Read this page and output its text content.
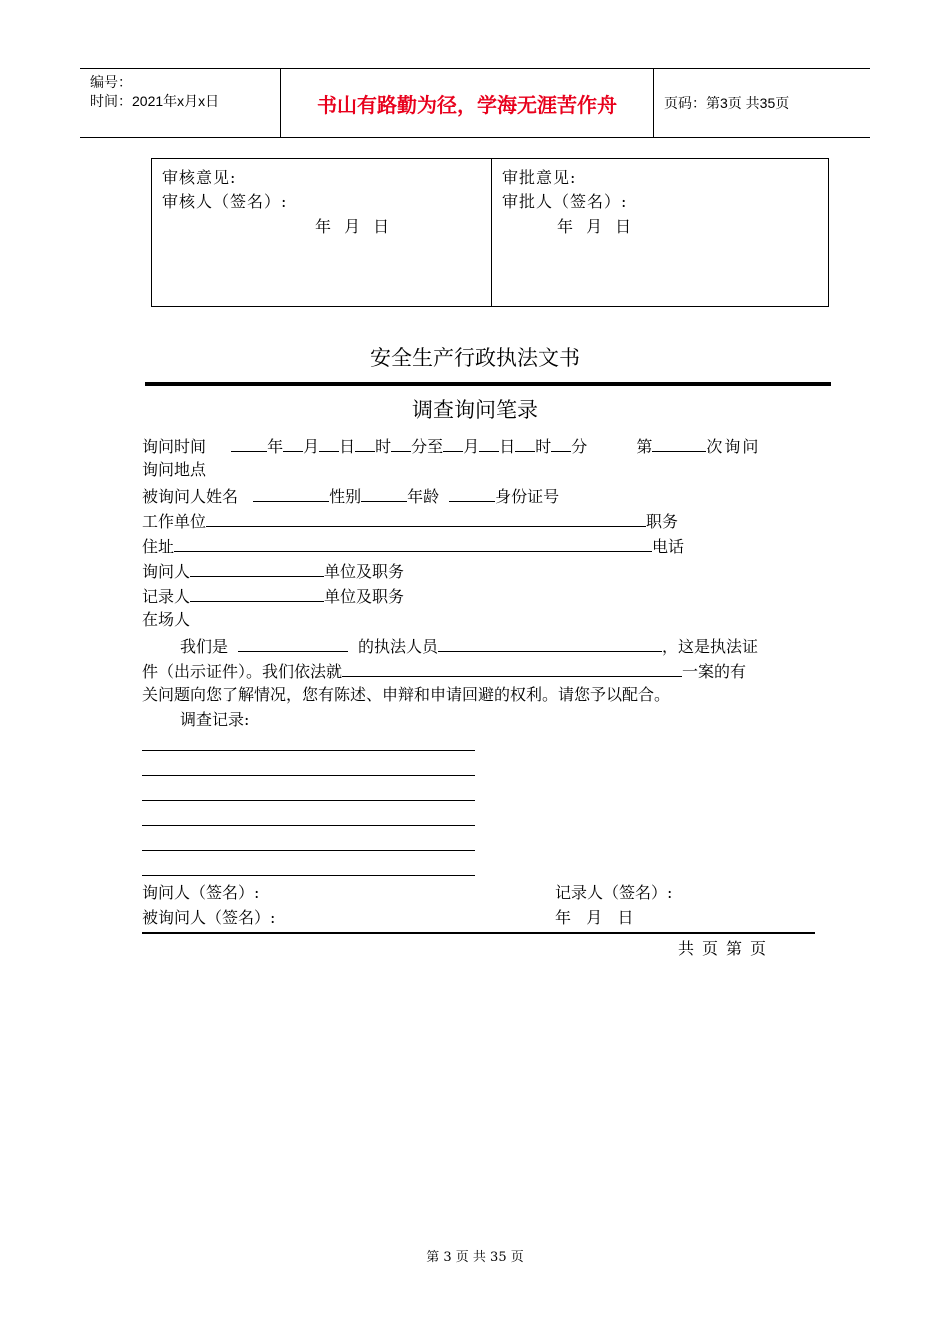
编号：
时间：2021年x月x日	书山有路勤为径，学海无涯苦作舟	页码：第3页 共35页
审核意见:
审核人（签名）:
年 月 日
审批意见:
审批人（签名）:
年 月 日
安全生产行政执法文书
调查询问笔录
询问时间	年 月 日 时 分至 月 日 时 分	第	次询问
询问地点
被询问人姓名	性别	年龄	身份证号
工作单位	职务
住址	电话
询问人	单位及职务
记录人	单位及职务
在场人
我们是	的执法人员	，这是执法证
件（出示证件）。我们依法就	一案的有
关问题向您了解情况，您有陈述、申辩和申请回避的权利。请您予以配合。
调查记录:
询问人（签名）:	记录人（签名）:
被询问人（签名）:	年   月   日
共页第页
第 3 页 共 35 页
